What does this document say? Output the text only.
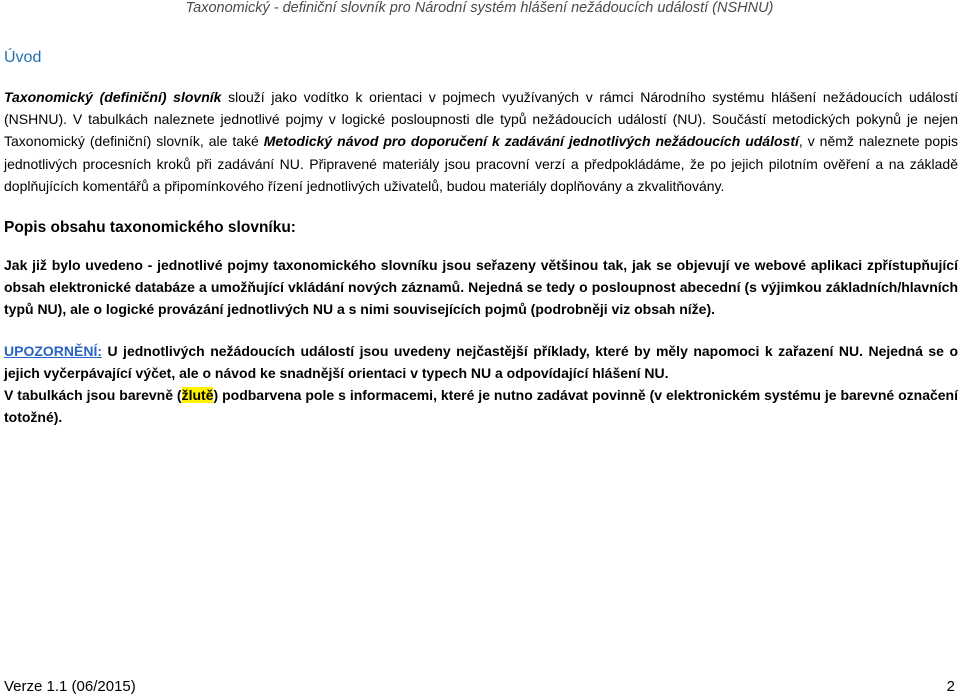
Taxonomický - definiční slovník pro Národní systém hlášení nežádoucích událostí (NSHNU)
Úvod
Taxonomický (definiční) slovník slouží jako vodítko k orientaci v pojmech využívaných v rámci Národního systému hlášení nežádoucích událostí (NSHNU). V tabulkách naleznete jednotlivé pojmy v logické posloupnosti dle typů nežádoucích událostí (NU). Součástí metodických pokynů je nejen Taxonomický (definiční) slovník, ale také Metodický návod pro doporučení k zadávání jednotlivých nežádoucích událostí, v němž naleznete popis jednotlivých procesních kroků při zadávání NU. Připravené materiály jsou pracovní verzí a předpokládáme, že po jejich pilotním ověření a na základě doplňujících komentářů a připomínkového řízení jednotlivých uživatelů, budou materiály doplňovány a zkvalitňovány.
Popis obsahu taxonomického slovníku:
Jak již bylo uvedeno - jednotlivé pojmy taxonomického slovníku jsou seřazeny většinou tak, jak se objevují ve webové aplikaci zpřístupňující obsah elektronické databáze a umožňující vkládání nových záznamů. Nejedná se tedy o posloupnost abecední (s výjimkou základních/hlavních typů NU), ale o logické provázání jednotlivých NU a s nimi souvisejících pojmů (podrobněji viz obsah níže).
UPOZORNĚNÍ: U jednotlivých nežádoucích událostí jsou uvedeny nejčastější příklady, které by měly napomoci k zařazení NU. Nejedná se o jejich vyčerpávající výčet, ale o návod ke snadnější orientaci v typech NU a odpovídající hlášení NU.
V tabulkách jsou barevně (žlutě) podbarvena pole s informacemi, které je nutno zadávat povinně (v elektronickém systému je barevné označení totožné).
Verze 1.1 (06/2015)	2
